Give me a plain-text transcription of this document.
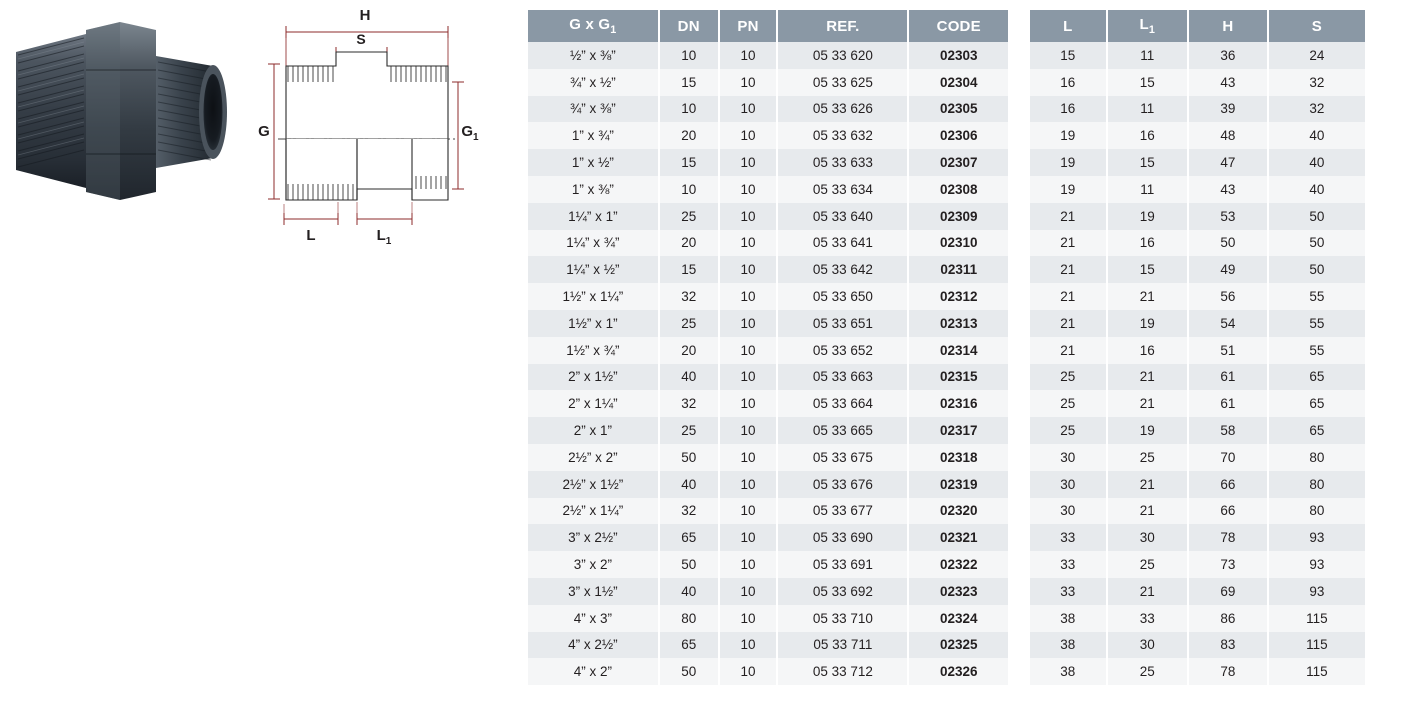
H
S
G	$G_1$
L	$L_1$
G x $G_1$	DN	PN	REF.	CODE
½” x ⅜”	10	10	05 33 620	02303
¾” x ½”	15	10	05 33 625	02304
¾” x ⅜”	10	10	05 33 626	02305
1” x ¾”	20	10	05 33 632	02306
1” x ½”	15	10	05 33 633	02307
1” x ⅜”	10	10	05 33 634	02308
1¼” x 1”	25	10	05 33 640	02309
1¼” x ¾”	20	10	05 33 641	02310
1¼” x ½”	15	10	05 33 642	02311
1½” x 1¼”	32	10	05 33 650	02312
1½” x 1”	25	10	05 33 651	02313
1½” x ¾”	20	10	05 33 652	02314
2” x 1½”	40	10	05 33 663	02315
2” x 1¼”	32	10	05 33 664	02316
2” x 1”	25	10	05 33 665	02317
2½” x 2”	50	10	05 33 675	02318
2½” x 1½”	40	10	05 33 676	02319
2½” x 1¼”	32	10	05 33 677	02320
3” x 2½”	65	10	05 33 690	02321
3” x 2”	50	10	05 33 691	02322
3” x 1½”	40	10	05 33 692	02323
4” x 3”	80	10	05 33 710	02324
4” x 2½”	65	10	05 33 711	02325
4” x 2”	50	10	05 33 712	02326
L	$L_1$	H	S
15	11	36	24
16	15	43	32
16	11	39	32
19	16	48	40
19	15	47	40
19	11	43	40
21	19	53	50
21	16	50	50
21	15	49	50
21	21	56	55
21	19	54	55
21	16	51	55
25	21	61	65
25	21	61	65
25	19	58	65
30	25	70	80
30	21	66	80
30	21	66	80
33	30	78	93
33	25	73	93
33	21	69	93
38	33	86	115
38	30	83	115
38	25	78	115
